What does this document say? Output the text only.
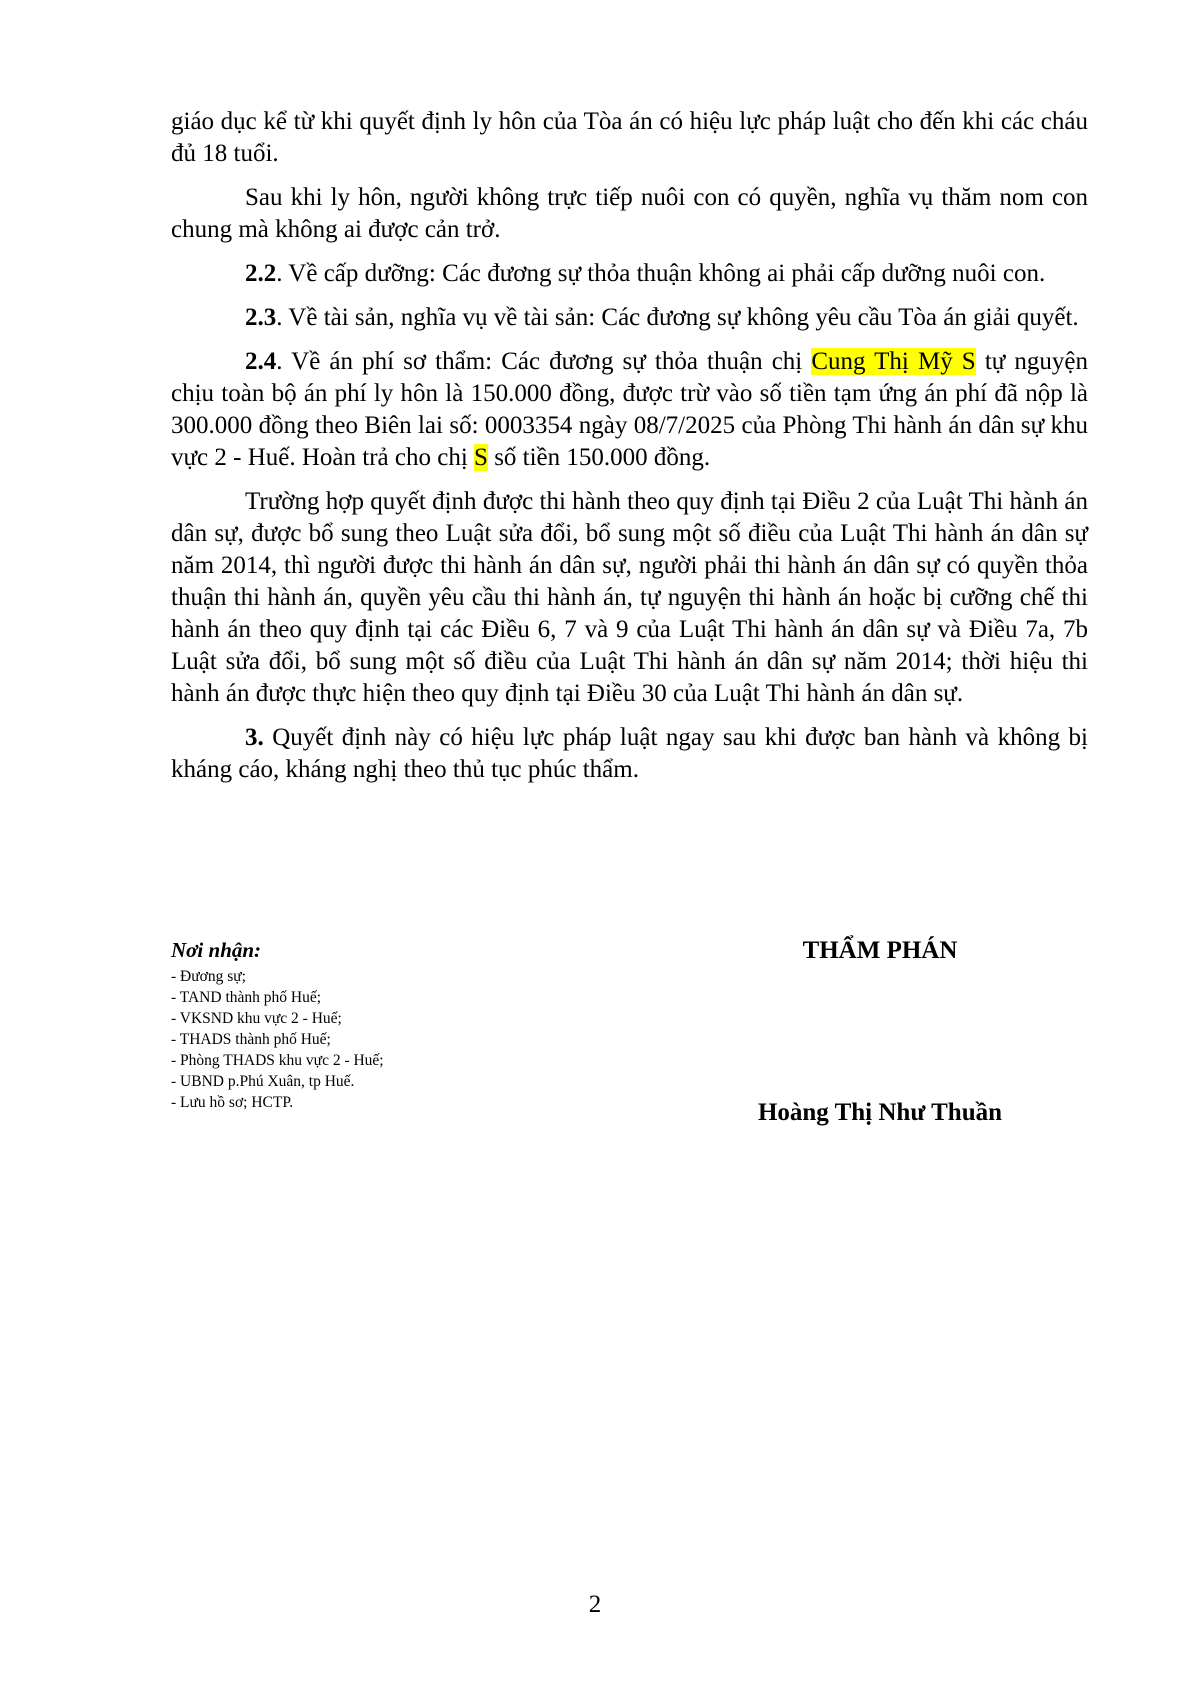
giáo dục kể từ khi quyết định ly hôn của Tòa án có hiệu lực pháp luật cho đến khi các cháu đủ 18 tuổi.

Sau khi ly hôn, người không trực tiếp nuôi con có quyền, nghĩa vụ thăm nom con chung mà không ai được cản trở.

2.2. Về cấp dưỡng: Các đương sự thỏa thuận không ai phải cấp dưỡng nuôi con.

2.3. Về tài sản, nghĩa vụ về tài sản: Các đương sự không yêu cầu Tòa án giải quyết.

2.4. Về án phí sơ thẩm: Các đương sự thỏa thuận chị Cung Thị Mỹ S tự nguyện chịu toàn bộ án phí ly hôn là 150.000 đồng, được trừ vào số tiền tạm ứng án phí đã nộp là 300.000 đồng theo Biên lai số: 0003354 ngày 08/7/2025 của Phòng Thi hành án dân sự khu vực 2 - Huế. Hoàn trả cho chị S số tiền 150.000 đồng.

Trường hợp quyết định được thi hành theo quy định tại Điều 2 của Luật Thi hành án dân sự, được bổ sung theo Luật sửa đổi, bổ sung một số điều của Luật Thi hành án dân sự năm 2014, thì người được thi hành án dân sự, người phải thi hành án dân sự có quyền thỏa thuận thi hành án, quyền yêu cầu thi hành án, tự nguyện thi hành án hoặc bị cưỡng chế thi hành án theo quy định tại các Điều 6, 7 và 9 của Luật Thi hành án dân sự và Điều 7a, 7b Luật sửa đổi, bổ sung một số điều của Luật Thi hành án dân sự năm 2014; thời hiệu thi hành án được thực hiện theo quy định tại Điều 30 của Luật Thi hành án dân sự.

3. Quyết định này có hiệu lực pháp luật ngay sau khi được ban hành và không bị kháng cáo, kháng nghị theo thủ tục phúc thẩm.

Nơi nhận:
- Đương sự;
- TAND thành phố Huế;
- VKSND khu vực 2 - Huế;
- THADS thành phố Huế;
- Phòng THADS khu vực 2 - Huế;
- UBND p.Phú Xuân, tp Huế.
- Lưu hồ sơ; HCTP.
THẨM PHÁN
Hoàng Thị Như Thuần
2
